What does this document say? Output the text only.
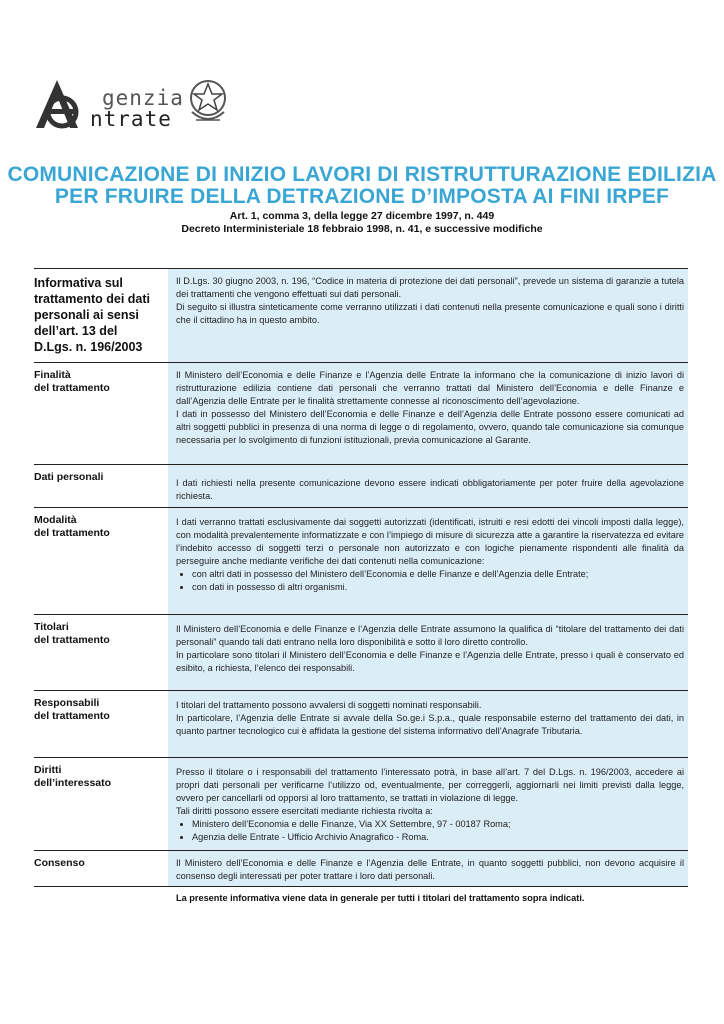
genzia
ntrate
COMUNICAZIONE DI INIZIO LAVORI DI RISTRUTTURAZIONE EDILIZIA
PER FRUIRE DELLA DETRAZIONE D’IMPOSTA AI FINI IRPEF
Art. 1, comma 3, della legge 27 dicembre 1997, n. 449
Decreto Interministeriale 18 febbraio 1998, n. 41, e successive modifiche
Informativa sul
trattamento dei dati
personali ai sensi
dell’art. 13 del
D.Lgs. n. 196/2003

Il D.Lgs. 30 giugno 2003, n. 196, “Codice in materia di protezione dei dati personali”, prevede un sistema di garanzie a tutela dei trattamenti che vengono effettuati sui dati personali.

Di seguito si illustra sinteticamente come verranno utilizzati i dati contenuti nella presente comunicazione e quali sono i diritti che il cittadino ha in questo ambito.

Finalità
del trattamento

Il Ministero dell’Economia e delle Finanze e l’Agenzia delle Entrate la informano che la comunicazione di inizio lavori di ristrutturazione edilizia contiene dati personali che verranno trattati dal Ministero dell’Economia e delle Finanze e dall’Agenzia delle Entrate per le finalità strettamente connesse al riconoscimento dell’agevolazione.

I dati in possesso del Ministero dell’Economia e delle Finanze e dell’Agenzia delle Entrate possono essere comunicati ad altri soggetti pubblici in presenza di una norma di legge o di regolamento, ovvero, quando tale comunicazione sia comunque necessaria per lo svolgimento di funzioni istituzionali, previa comunicazione al Garante.

Dati personali	I dati richiesti nella presente comunicazione devono essere indicati obbligatoriamente per poter fruire della agevolazione richiesta.

Modalità
del trattamento

I dati verranno trattati esclusivamente dai soggetti autorizzati (identificati, istruiti e resi edotti dei vincoli imposti dalla legge), con modalità prevalentemente informatizzate e con l’impiego di misure di sicurezza atte a garantire la riservatezza ed evitare l’indebito accesso di soggetti terzi o personale non autorizzato e con logiche pienamente rispondenti alle finalità da perseguire anche mediante verifiche dei dati contenuti nella comunicazione:

• con altri dati in possesso del Ministero dell’Economia e delle Finanze e dell’Agenzia delle Entrate;
• con dati in possesso di altri organismi.
Titolari
del trattamento

Il Ministero dell’Economia e delle Finanze e l’Agenzia delle Entrate assumono la qualifica di “titolare del trattamento dei dati personali” quando tali dati entrano nella loro disponibilità e sotto il loro diretto controllo.

In particolare sono titolari il Ministero dell’Economia e delle Finanze e l’Agenzia delle Entrate, presso i quali è conservato ed esibito, a richiesta, l’elenco dei responsabili.

Responsabili
del trattamento

I titolari del trattamento possono avvalersi di soggetti nominati responsabili.

In particolare, l’Agenzia delle Entrate si avvale della So.ge.i S.p.a., quale responsabile esterno del trattamento dei dati, in quanto partner tecnologico cui è affidata la gestione del sistema informativo dell’Anagrafe Tributaria.

Diritti
dell’interessato

Presso il titolare o i responsabili del trattamento l’interessato potrà, in base all’art. 7 del D.Lgs. n. 196/2003, accedere ai propri dati personali per verificarne l’utilizzo od, eventualmente, per correggerli, aggiornarli nei limiti previsti dalla legge, ovvero per cancellarli od opporsi al loro trattamento, se trattati in violazione di legge.

Tali diritti possono essere esercitati mediante richiesta rivolta a:

• Ministero dell’Economia e delle Finanze, Via XX Settembre, 97 - 00187 Roma;
• Agenzia delle Entrate - Ufficio Archivio Anagrafico - Roma.
Consenso	Il Ministero dell’Economia e delle Finanze e l’Agenzia delle Entrate, in quanto soggetti pubblici, non devono acquisire il consenso degli interessati per poter trattare i loro dati personali.

La presente informativa viene data in generale per tutti i titolari del trattamento sopra indicati.
